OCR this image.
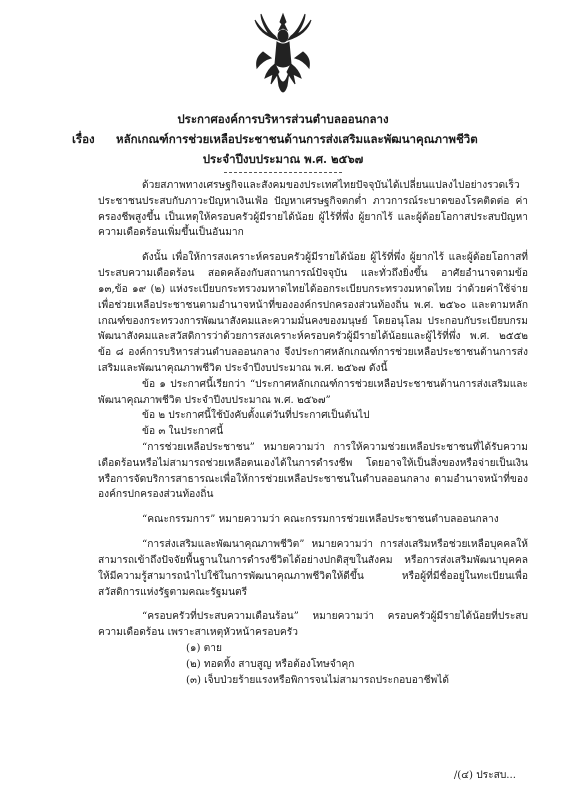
ประกาศองค์การบริหารส่วนตำบลออนกลาง
เรื่อง หลักเกณฑ์การช่วยเหลือประชาชนด้านการส่งเสริมและพัฒนาคุณภาพชีวิต
ประจำปีงบประมาณ พ.ศ. ๒๕๖๗

ด้วยสภาพทางเศรษฐกิจและสังคมของประเทศไทยปัจจุบันได้เปลี่ยนแปลงไปอย่างรวดเร็ว ประชาชนประสบกับภาวะปัญหาเงินเฟ้อ ปัญหาเศรษฐกิจตกต่ำ ภาวการณ์ระบาดของโรคติดต่อ ค่าครองชีพสูงขึ้น เป็นเหตุให้ครอบครัวผู้มีรายได้น้อย ผู้ไร้ที่พึ่ง ผู้ยากไร้ และผู้ด้อยโอกาสประสบปัญหาความเดือดร้อนเพิ่มขึ้นเป็นอันมาก

ดังนั้น เพื่อให้การสงเคราะห์ครอบครัวผู้มีรายได้น้อย ผู้ไร้ที่พึ่ง ผู้ยากไร้ และผู้ด้อยโอกาสที่ประสบความเดือดร้อน สอดคล้องกับสถานการณ์ปัจจุบัน และทั่วถึงยิ่งขึ้น อาศัยอำนาจตามข้อ ๑๓,ข้อ ๑๙ (๒) แห่งระเบียบกระทรวงมหาดไทยได้ออกระเบียบกระทรวงมหาดไทย ว่าด้วยค่าใช้จ่ายเพื่อช่วยเหลือประชาชนตามอำนาจหน้าที่ขององค์กรปกครองส่วนท้องถิ่น พ.ศ. ๒๕๖๐ และตามหลักเกณฑ์ของกระทรวงการพัฒนาสังคมและความมั่นคงของมนุษย์ โดยอนุโลม ประกอบกับระเบียบกรมพัฒนาสังคมและสวัสดิการว่าด้วยการสงเคราะห์ครอบครัวผู้มีรายได้น้อยและผู้ไร้ที่พึ่ง พ.ศ. ๒๕๕๒ ข้อ ๘ องค์การบริหารส่วนตำบลออนกลาง จึงประกาศหลักเกณฑ์การช่วยเหลือประชาชนด้านการส่งเสริมและพัฒนาคุณภาพชีวิต ประจำปีงบประมาณ พ.ศ. ๒๕๖๗ ดังนี้

ข้อ ๑ ประกาศนี้เรียกว่า “ประกาศหลักเกณฑ์การช่วยเหลือประชาชนด้านการส่งเสริมและพัฒนาคุณภาพชีวิต ประจำปีงบประมาณ พ.ศ. ๒๕๖๗”

ข้อ ๒ ประกาศนี้ใช้บังคับตั้งแต่วันที่ประกาศเป็นต้นไป

ข้อ ๓ ในประกาศนี้

“การช่วยเหลือประชาชน” หมายความว่า การให้ความช่วยเหลือประชาชนที่ได้รับความเดือดร้อนหรือไม่สามารถช่วยเหลือตนเองได้ในการดำรงชีพ โดยอาจให้เป็นสิ่งของหรือจ่ายเป็นเงินหรือการจัดบริการสาธารณะเพื่อให้การช่วยเหลือประชาชนในตำบลออนกลาง ตามอำนาจหน้าที่ขององค์กรปกครองส่วนท้องถิ่น

“คณะกรรมการ” หมายความว่า คณะกรรมการช่วยเหลือประชาชนตำบลออนกลาง

“การส่งเสริมและพัฒนาคุณภาพชีวิต” หมายความว่า การส่งเสริมหรือช่วยเหลือบุคคลให้สามารถเข้าถึงปัจจัยพื้นฐานในการดำรงชีวิตได้อย่างปกติสุขในสังคม หรือการส่งเสริมพัฒนาบุคคลให้มีความรู้สามารถนำไปใช้ในการพัฒนาคุณภาพชีวิตให้ดีขึ้น หรือผู้ที่มีชื่ออยู่ในทะเบียนเพื่อสวัสดิการแห่งรัฐตามคณะรัฐมนตรี

“ครอบครัวที่ประสบความเดือนร้อน” หมายความว่า ครอบครัวผู้มีรายได้น้อยที่ประสบความเดือดร้อน เพราะสาเหตุหัวหน้าครอบครัว

(๑) ตาย

(๒) ทอดทิ้ง สาบสูญ หรือต้องโทษจำคุก

(๓) เจ็บป่วยร้ายแรงหรือพิการจนไม่สามารถประกอบอาชีพได้

/(๔) ประสบ...
